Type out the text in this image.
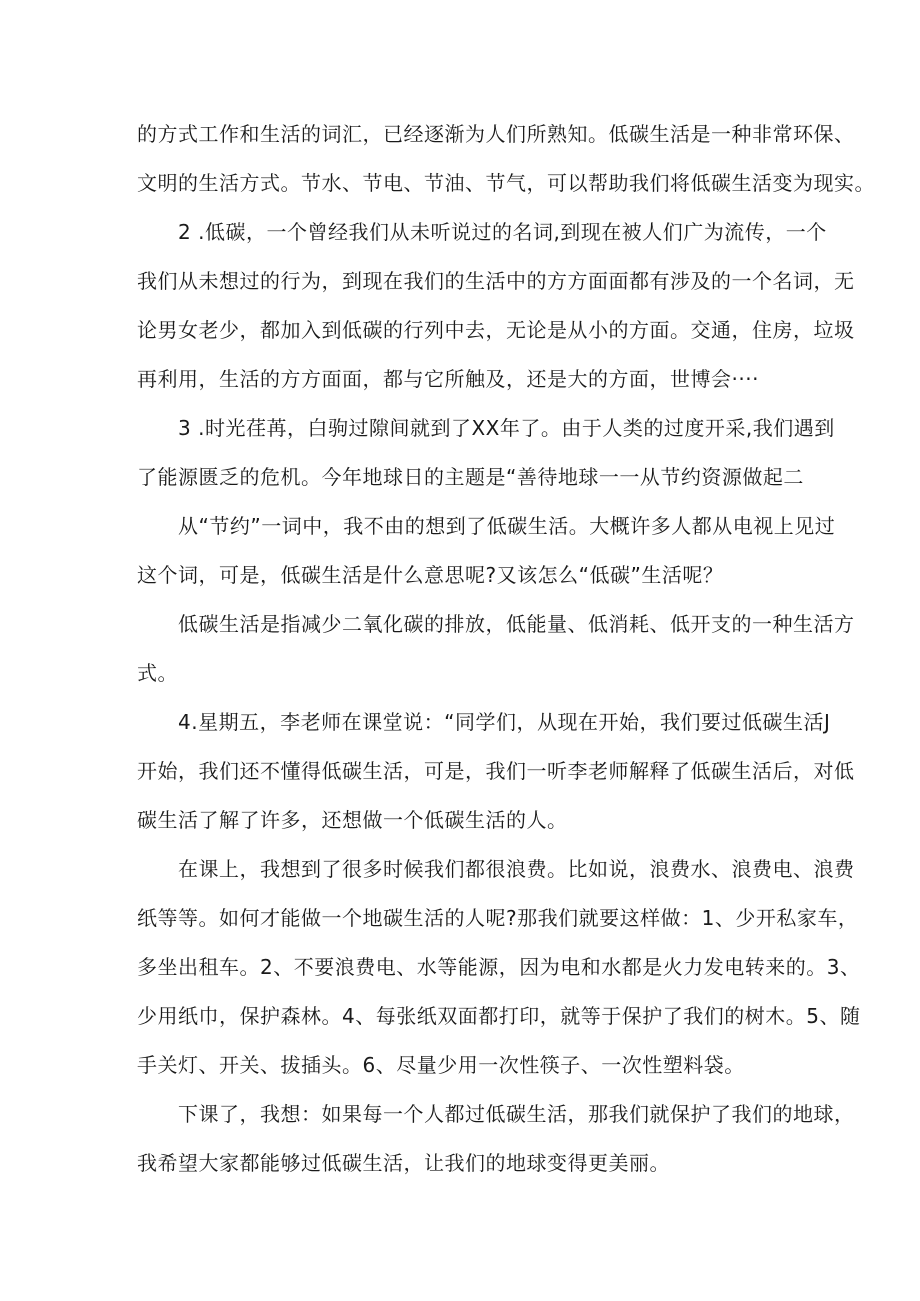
的方式工作和生活的词汇，已经逐渐为人们所熟知。低碳生活是一种非常环保、

文明的生活方式。节水、节电、节油、节气，可以帮助我们将低碳生活变为现实。

2 .低碳，一个曾经我们从未听说过的名词,到现在被人们广为流传，一个

我们从未想过的行为，到现在我们的生活中的方方面面都有涉及的一个名词，无

论男女老少，都加入到低碳的行列中去，无论是从小的方面。交通，住房，垃圾

再利用，生活的方方面面，都与它所触及，还是大的方面，世博会····

3 .时光荏苒，白驹过隙间就到了XX年了。由于人类的过度开采,我们遇到

了能源匮乏的危机。今年地球日的主题是“善待地球一一从节约资源做起二

从“节约”一词中，我不由的想到了低碳生活。大概许多人都从电视上见过

这个词，可是，低碳生活是什么意思呢?又该怎么“低碳”生活呢？

低碳生活是指减少二氧化碳的排放，低能量、低消耗、低开支的一种生活方

式。

4.星期五，李老师在课堂说：“同学们，从现在开始，我们要过低碳生活J

开始，我们还不懂得低碳生活，可是，我们一听李老师解释了低碳生活后，对低

碳生活了解了许多，还想做一个低碳生活的人。

在课上，我想到了很多时候我们都很浪费。比如说，浪费水、浪费电、浪费

纸等等。如何才能做一个地碳生活的人呢?那我们就要这样做：1、少开私家车，

多坐出租车。2、不要浪费电、水等能源，因为电和水都是火力发电转来的。3、

少用纸巾，保护森林。4、每张纸双面都打印，就等于保护了我们的树木。5、随

手关灯、开关、拔插头。6、尽量少用一次性筷子、一次性塑料袋。

下课了，我想：如果每一个人都过低碳生活，那我们就保护了我们的地球，

我希望大家都能够过低碳生活，让我们的地球变得更美丽。
